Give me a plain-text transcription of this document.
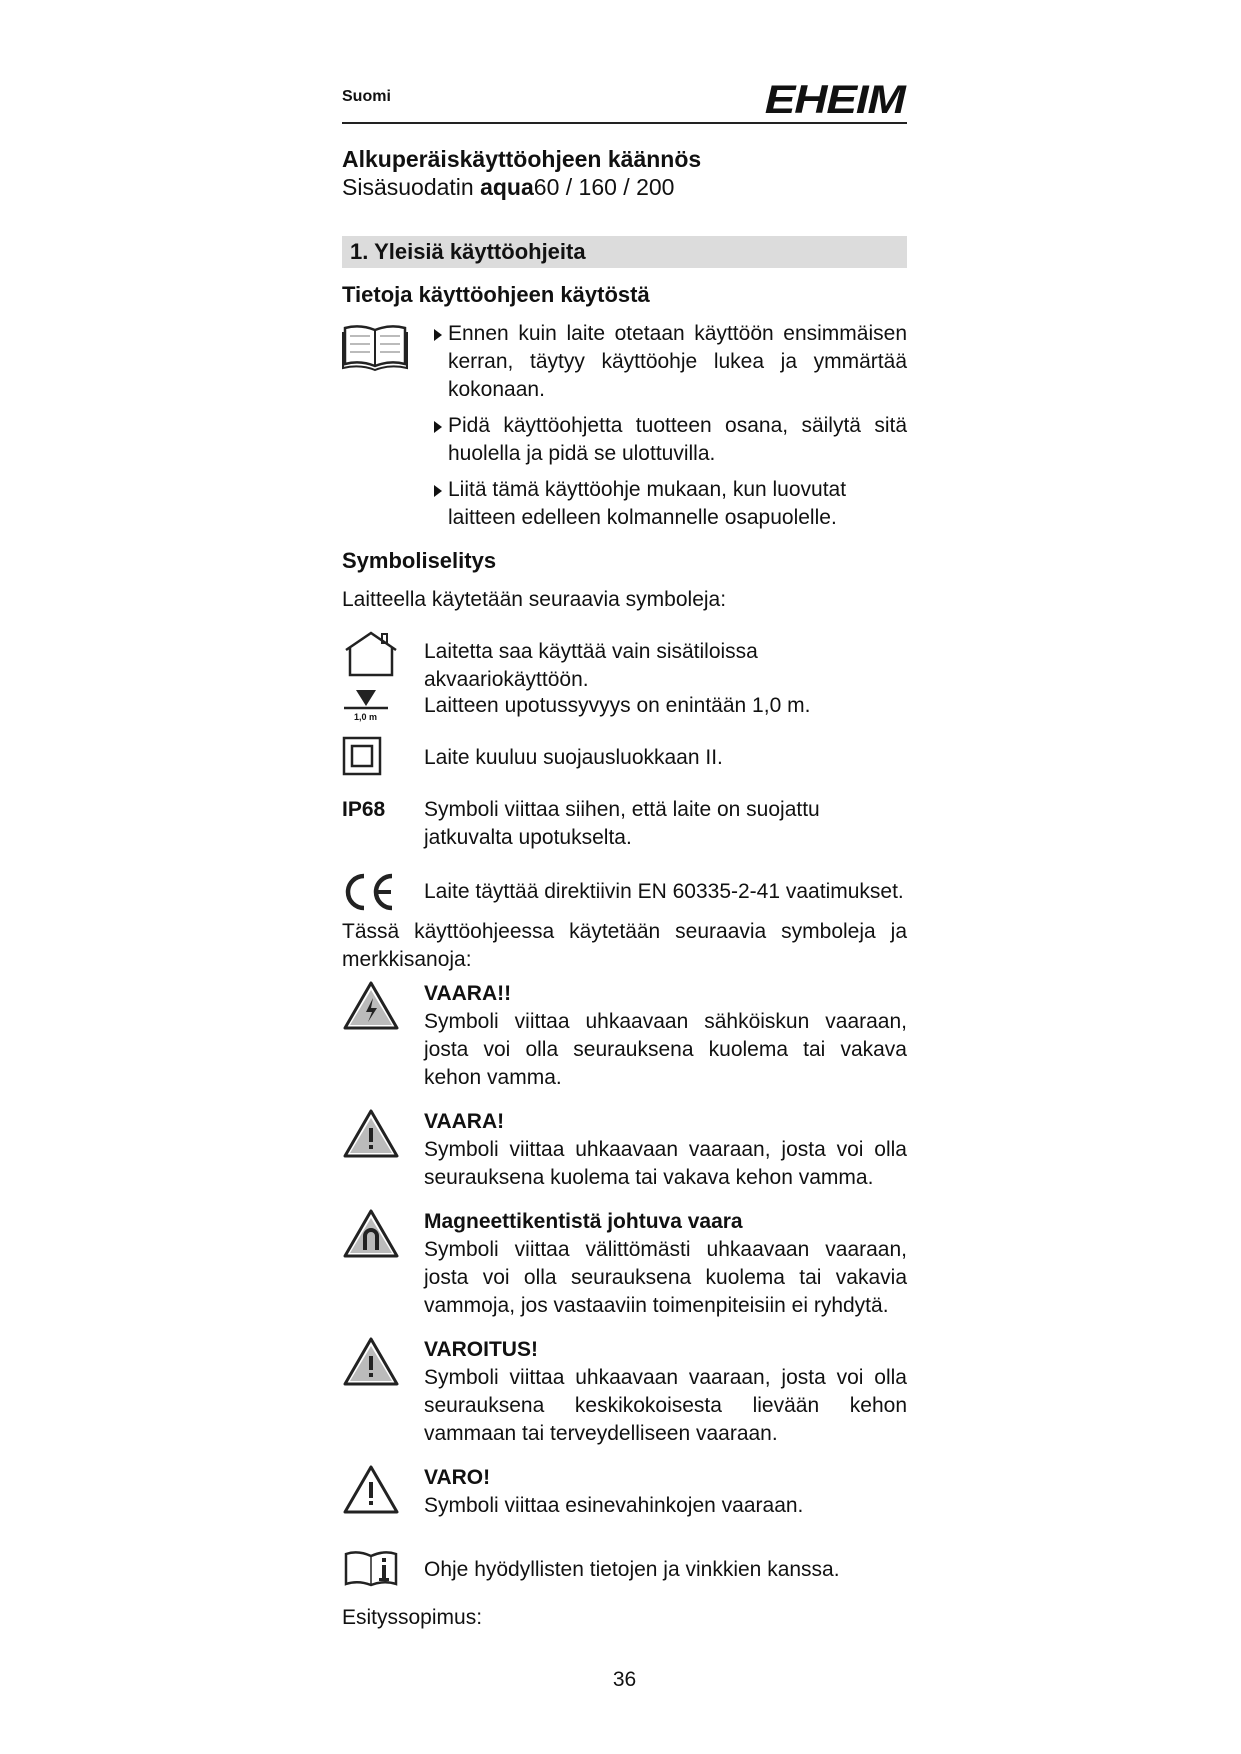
Suomi	EHEIM
Alkuperäiskäyttöohjeen käännös
Sisäsuodatin aqua60 / 160 / 200
1. Yleisiä käyttöohjeita
Tietoja käyttöohjeen käytöstä
Ennen kuin laite otetaan käyttöön ensimmäisen kerran, täytyy käyttöohje lukea ja ymmärtää kokonaan.
Pidä käyttöohjetta tuotteen osana, säilytä sitä huolella ja pidä se ulottuvilla.
Liitä tämä käyttöohje mukaan, kun luovutat laitteen edelleen kolmannelle osapuolelle.
Symboliselitys
Laitteella käytetään seuraavia symboleja:
Laitetta saa käyttää vain sisätiloissa akvaariokäyttöön.
1,0 m Laitteen upotussyvyys on enintään 1,0 m.
Laite kuuluu suojausluokkaan II.
IP68 Symboli viittaa siihen, että laite on suojattu jatkuvalta upotukselta.
Laite täyttää direktiivin EN 60335-2-41 vaatimukset.
Tässä käyttöohjeessa käytetään seuraavia symboleja ja merkkisanoja:
VAARA!!
Symboli viittaa uhkaavaan sähköiskun vaaraan, josta voi olla seurauksena kuolema tai vakava kehon vamma.
VAARA!
Symboli viittaa uhkaavaan vaaraan, josta voi olla seurauksena kuolema tai vakava kehon vamma.
Magneettikentistä johtuva vaara
Symboli viittaa välittömästi uhkaavaan vaaraan, josta voi olla seurauksena kuolema tai vakavia vammoja, jos vastaaviin toimenpiteisiin ei ryhdytä.
VAROITUS!
Symboli viittaa uhkaavaan vaaraan, josta voi olla seurauksena keskikokoisesta lievään kehon vammaan tai terveydelliseen vaaraan.
VARO!
Symboli viittaa esinevahinkojen vaaraan.
Ohje hyödyllisten tietojen ja vinkkien kanssa.
Esityssopimus:
36
